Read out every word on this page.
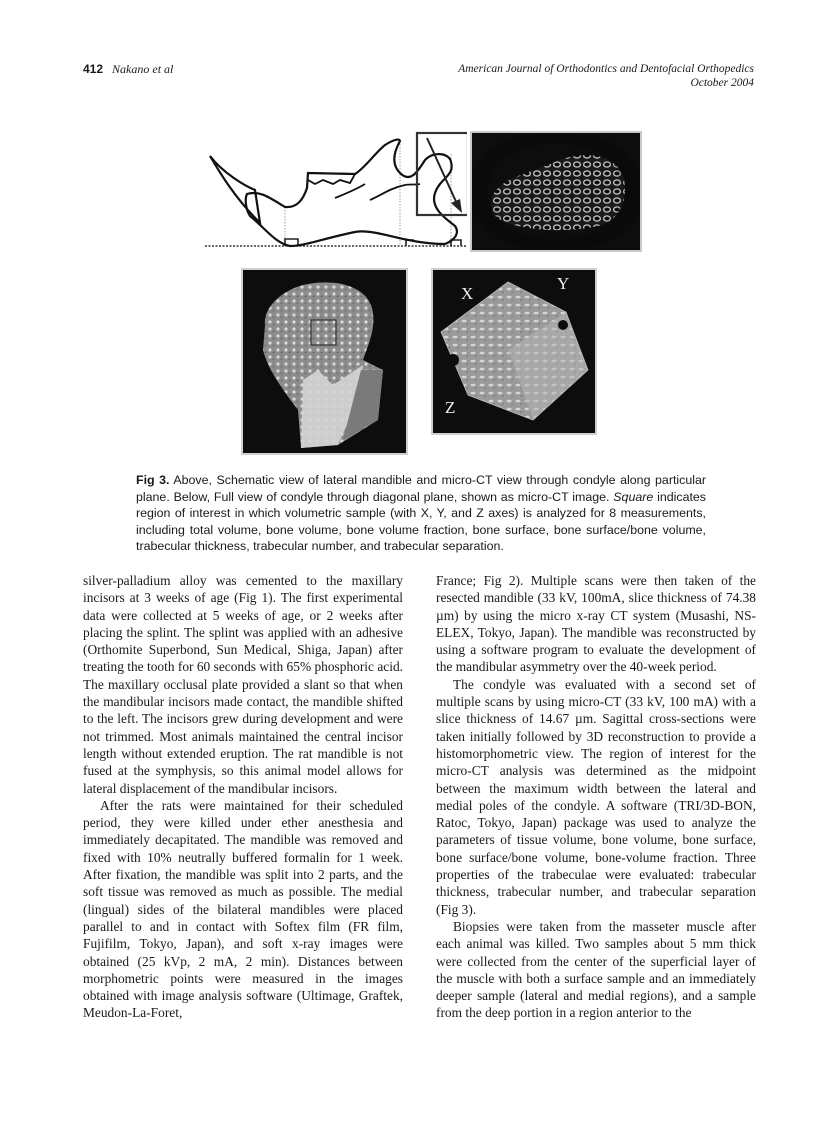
412 Nakano et al	American Journal of Orthodontics and Dentofacial Orthopedics
October 2004
X
Y
Z
Fig 3. Above, Schematic view of lateral mandible and micro-CT view through condyle along particular plane. Below, Full view of condyle through diagonal plane, shown as micro-CT image. Square indicates region of interest in which volumetric sample (with X, Y, and Z axes) is analyzed for 8 measurements, including total volume, bone volume, bone volume fraction, bone surface, bone surface/bone volume, trabecular thickness, trabecular number, and trabecular separation.

silver-palladium alloy was cemented to the maxillary incisors at 3 weeks of age (Fig 1). The first experimental data were collected at 5 weeks of age, or 2 weeks after placing the splint. The splint was applied with an adhesive (Orthomite Superbond, Sun Medical, Shiga, Japan) after treating the tooth for 60 seconds with 65% phosphoric acid. The maxillary occlusal plate provided a slant so that when the mandibular incisors made contact, the mandible shifted to the left. The incisors grew during development and were not trimmed. Most animals maintained the central incisor length without extended eruption. The rat mandible is not fused at the symphysis, so this animal model allows for lateral displacement of the mandibular incisors.

After the rats were maintained for their scheduled period, they were killed under ether anesthesia and immediately decapitated. The mandible was removed and fixed with 10% neutrally buffered formalin for 1 week. After fixation, the mandible was split into 2 parts, and the soft tissue was removed as much as possible. The medial (lingual) sides of the bilateral mandibles were placed parallel to and in contact with Softex film (FR film, Fujifilm, Tokyo, Japan), and soft x-ray images were obtained (25 kVp, 2 mA, 2 min). Distances between morphometric points were measured in the images obtained with image analysis software (Ultimage, Graftek, Meudon-La-Foret,

France; Fig 2). Multiple scans were then taken of the resected mandible (33 kV, 100mA, slice thickness of 74.38 µm) by using the micro x-ray CT system (Musashi, NS-ELEX, Tokyo, Japan). The mandible was reconstructed by using a software program to evaluate the development of the mandibular asymmetry over the 40-week period.

The condyle was evaluated with a second set of multiple scans by using micro-CT (33 kV, 100 mA) with a slice thickness of 14.67 µm. Sagittal cross-sections were taken initially followed by 3D reconstruction to provide a histomorphometric view. The region of interest for the micro-CT analysis was determined as the midpoint between the maximum width between the lateral and medial poles of the condyle. A software (TRI/3D-BON, Ratoc, Tokyo, Japan) package was used to analyze the parameters of tissue volume, bone volume, bone surface, bone surface/bone volume, bone-volume fraction. Three properties of the trabeculae were evaluated: trabecular thickness, trabecular number, and trabecular separation (Fig 3).

Biopsies were taken from the masseter muscle after each animal was killed. Two samples about 5 mm thick were collected from the center of the superficial layer of the muscle with both a surface sample and an immediately deeper sample (lateral and medial regions), and a sample from the deep portion in a region anterior to the
